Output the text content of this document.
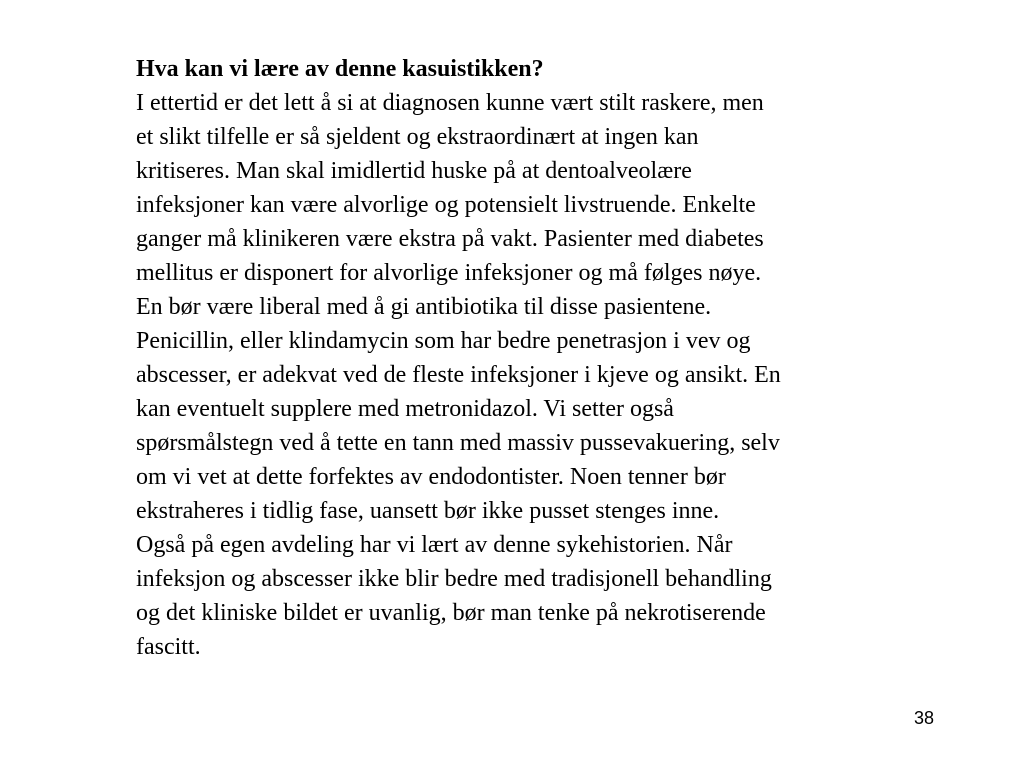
Hva kan vi lære av denne kasuistikken?
I ettertid er det lett å si at diagnosen kunne vært stilt raskere, men
et slikt tilfelle er så sjeldent og ekstraordinært at ingen kan
kritiseres. Man skal imidlertid huske på at dentoalveolære
infeksjoner kan være alvorlige og potensielt livstruende. Enkelte
ganger må klinikeren være ekstra på vakt. Pasienter med diabetes
mellitus er disponert for alvorlige infeksjoner og må følges nøye.
En bør være liberal med å gi antibiotika til disse pasientene.
Penicillin, eller klindamycin som har bedre penetrasjon i vev og
abscesser, er adekvat ved de fleste infeksjoner i kjeve og ansikt. En
kan eventuelt supplere med metronidazol. Vi setter også
spørsmålstegn ved å tette en tann med massiv pussevakuering, selv
om vi vet at dette forfektes av endodontister. Noen tenner bør
ekstraheres i tidlig fase, uansett bør ikke pusset stenges inne.
Også på egen avdeling har vi lært av denne sykehistorien. Når
infeksjon og abscesser ikke blir bedre med tradisjonell behandling
og det kliniske bildet er uvanlig, bør man tenke på nekrotiserende
fascitt.
38
